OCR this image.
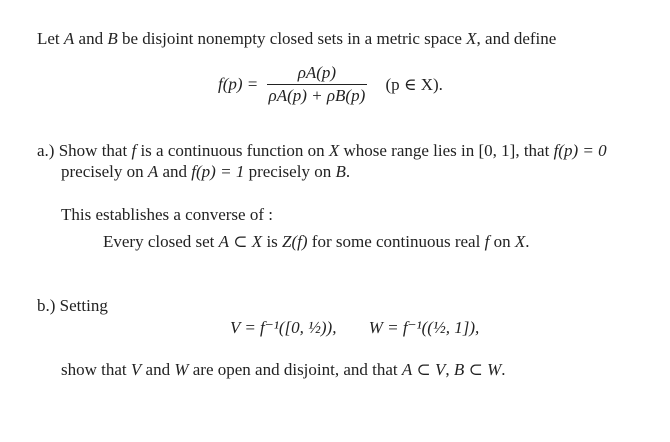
Let A and B be disjoint nonempty closed sets in a metric space X, and define
$f(p) = \frac{\rho A(p)}{\rho A(p) + \rho B(p)} (p$ ∈ X).
a.) Show that f is a continuous function on X whose range lies in [0, 1], that f(p) = 0
precisely on A and f(p) = 1 precisely on B.
This establishes a converse of :
Every closed set A ⊂ X is Z(f) for some continuous real f on X.
b.) Setting
V = f⁻¹([0, ½)), W = f⁻¹((½, 1]),
show that V and W are open and disjoint, and that A ⊂ V, B ⊂ W.
